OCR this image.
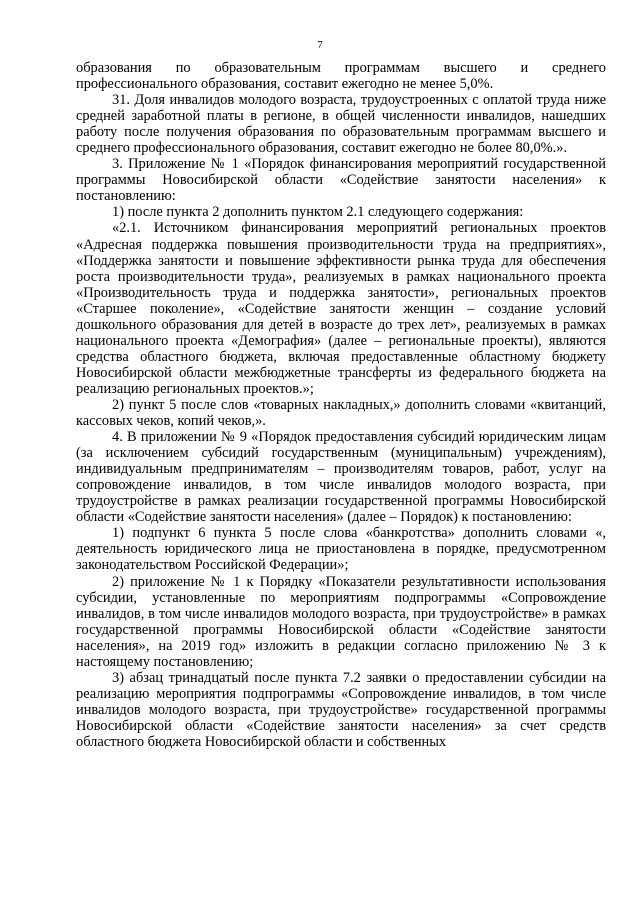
7

образования по образовательным программам высшего и среднего профессионального образования, составит ежегодно не менее 5,0%.

31. Доля инвалидов молодого возраста, трудоустроенных с оплатой труда ниже средней заработной платы в регионе, в общей численности инвалидов, нашедших работу после получения образования по образовательным программам высшего и среднего профессионального образования, составит ежегодно не более 80,0%.».

3. Приложение № 1 «Порядок финансирования мероприятий государственной программы Новосибирской области «Содействие занятости населения» к постановлению:

1) после пункта 2 дополнить пунктом 2.1 следующего содержания:

«2.1. Источником финансирования мероприятий региональных проектов «Адресная поддержка повышения производительности труда на предприятиях», «Поддержка занятости и повышение эффективности рынка труда для обеспечения роста производительности труда», реализуемых в рамках национального проекта «Производительность труда и поддержка занятости», региональных проектов «Старшее поколение», «Содействие занятости женщин – создание условий дошкольного образования для детей в возрасте до трех лет», реализуемых в рамках национального проекта «Демография» (далее – региональные проекты), являются средства областного бюджета, включая предоставленные областному бюджету Новосибирской области межбюджетные трансферты из федерального бюджета на реализацию региональных проектов.»;

2) пункт 5 после слов «товарных накладных,» дополнить словами «квитанций, кассовых чеков, копий чеков,».

4. В приложении № 9 «Порядок предоставления субсидий юридическим лицам (за исключением субсидий государственным (муниципальным) учреждениям), индивидуальным предпринимателям – производителям товаров, работ, услуг на сопровождение инвалидов, в том числе инвалидов молодого возраста, при трудоустройстве в рамках реализации государственной программы Новосибирской области «Содействие занятости населения» (далее – Порядок) к постановлению:

1) подпункт 6 пункта 5 после слова «банкротства» дополнить словами «, деятельность юридического лица не приостановлена в порядке, предусмотренном законодательством Российской Федерации»;

2) приложение № 1 к Порядку «Показатели результативности использования субсидии, установленные по мероприятиям подпрограммы «Сопровождение инвалидов, в том числе инвалидов молодого возраста, при трудоустройстве» в рамках государственной программы Новосибирской области «Содействие занятости населения», на 2019 год» изложить в редакции согласно приложению № 3 к настоящему постановлению;

3) абзац тринадцатый после пункта 7.2 заявки о предоставлении субсидии на реализацию мероприятия подпрограммы «Сопровождение инвалидов, в том числе инвалидов молодого возраста, при трудоустройстве» государственной программы Новосибирской области «Содействие занятости населения» за счет средств областного бюджета Новосибирской области и собственных
